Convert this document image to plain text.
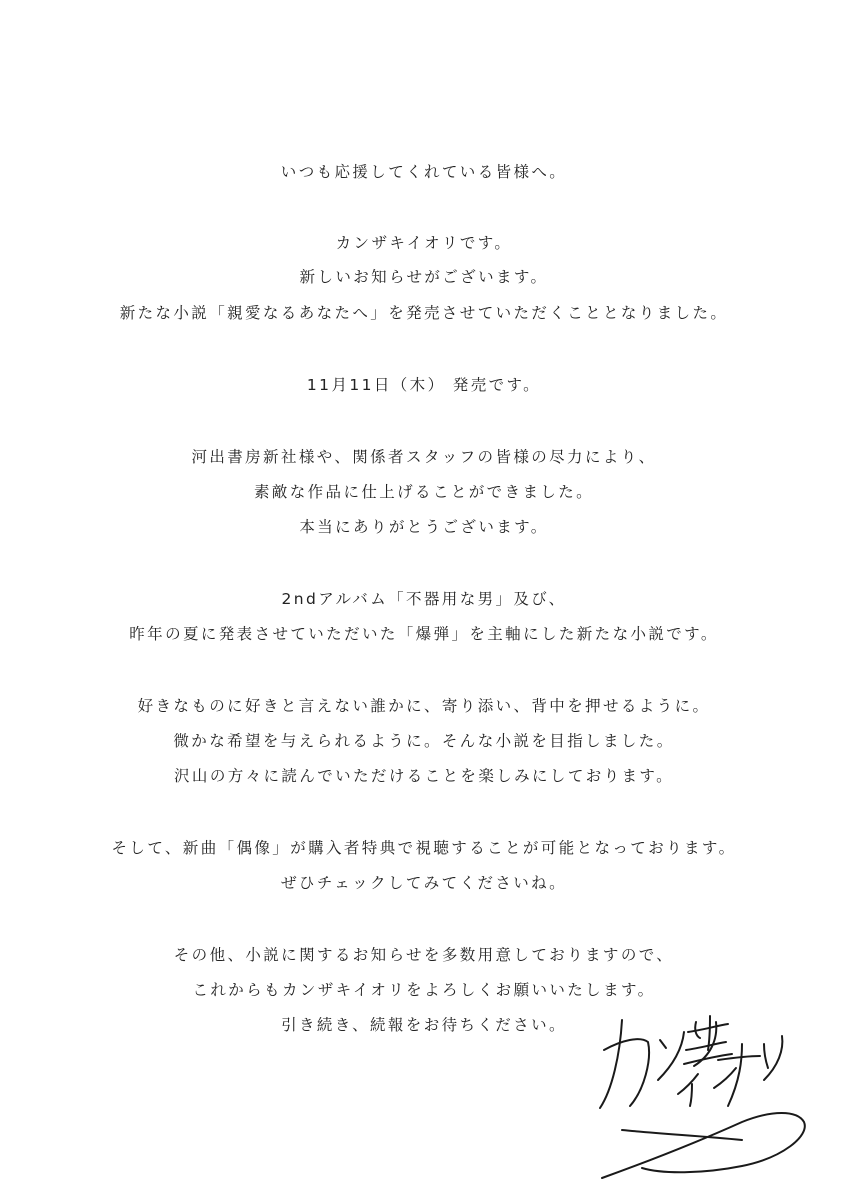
いつも応援してくれている皆様へ。
カンザキイオリです。
新しいお知らせがございます。
新たな小説「親愛なるあなたへ」を発売させていただくこととなりました。
11月11日（木） 発売です。
河出書房新社様や、関係者スタッフの皆様の尽力により、
素敵な作品に仕上げることができました。
本当にありがとうございます。
2ndアルバム「不器用な男」及び、
昨年の夏に発表させていただいた「爆弾」を主軸にした新たな小説です。
好きなものに好きと言えない誰かに、寄り添い、背中を押せるように。
微かな希望を与えられるように。そんな小説を目指しました。
沢山の方々に読んでいただけることを楽しみにしております。
そして、新曲「偶像」が購入者特典で視聴することが可能となっております。
ぜひチェックしてみてくださいね。
その他、小説に関するお知らせを多数用意しておりますので、
これからもカンザキイオリをよろしくお願いいたします。
引き続き、続報をお待ちください。
